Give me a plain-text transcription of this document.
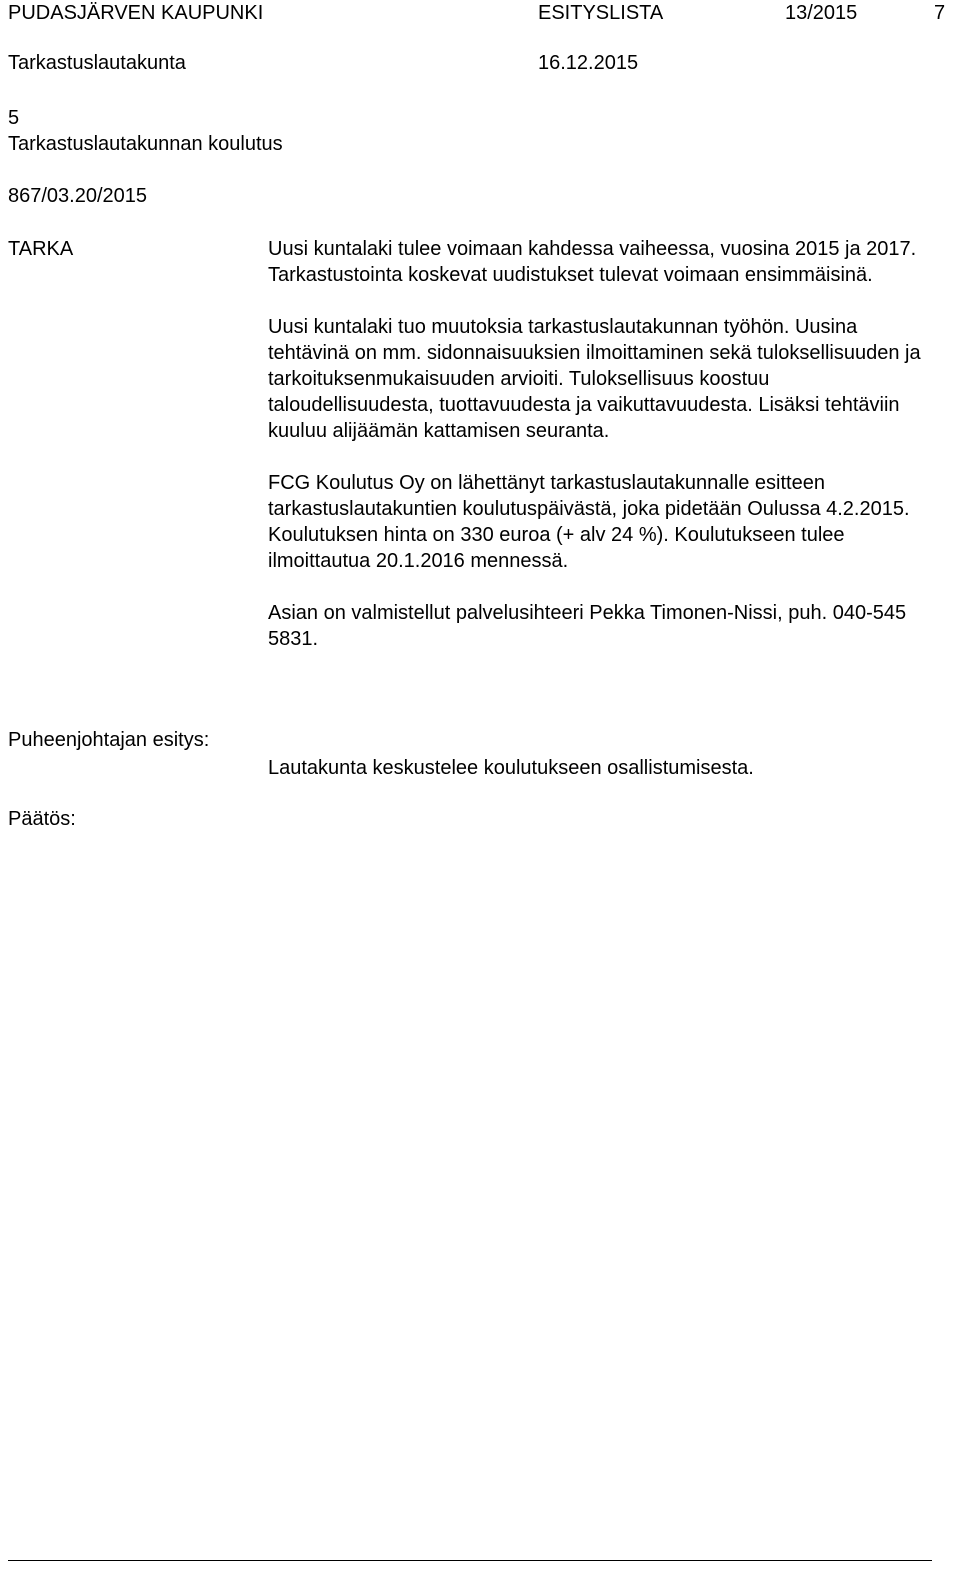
PUDASJÄRVEN KAUPUNKI	ESITYSLISTA	13/2015	7
Tarkastuslautakunta	16.12.2015
5
Tarkastuslautakunnan koulutus
867/03.20/2015
TARKA	Uusi kuntalaki tulee voimaan kahdessa vaiheessa, vuosina 2015 ja 2017. Tarkastustointa koskevat uudistukset tulevat voimaan ensimmäisinä.

Uusi kuntalaki tuo muutoksia tarkastuslautakunnan työhön. Uusina tehtävinä on mm. sidonnaisuuksien ilmoittaminen sekä tuloksellisuuden ja tarkoituksenmukaisuuden arvioiti. Tuloksellisuus koostuu taloudellisuudesta, tuottavuudesta ja vaikuttavuudesta. Lisäksi tehtäviin kuuluu alijäämän kattamisen seuranta.

FCG Koulutus Oy on lähettänyt tarkastuslautakunnalle esitteen tarkastuslautakuntien koulutuspäivästä, joka pidetään Oulussa 4.2.2015. Koulutuksen hinta on 330 euroa (+ alv 24 %). Koulutukseen tulee ilmoittautua 20.1.2016 mennessä.

Asian on valmistellut palvelusihteeri Pekka Timonen-Nissi, puh. 040-545 5831.

Puheenjohtajan esitys:
Lautakunta keskustelee koulutukseen osallistumisesta.
Päätös:
